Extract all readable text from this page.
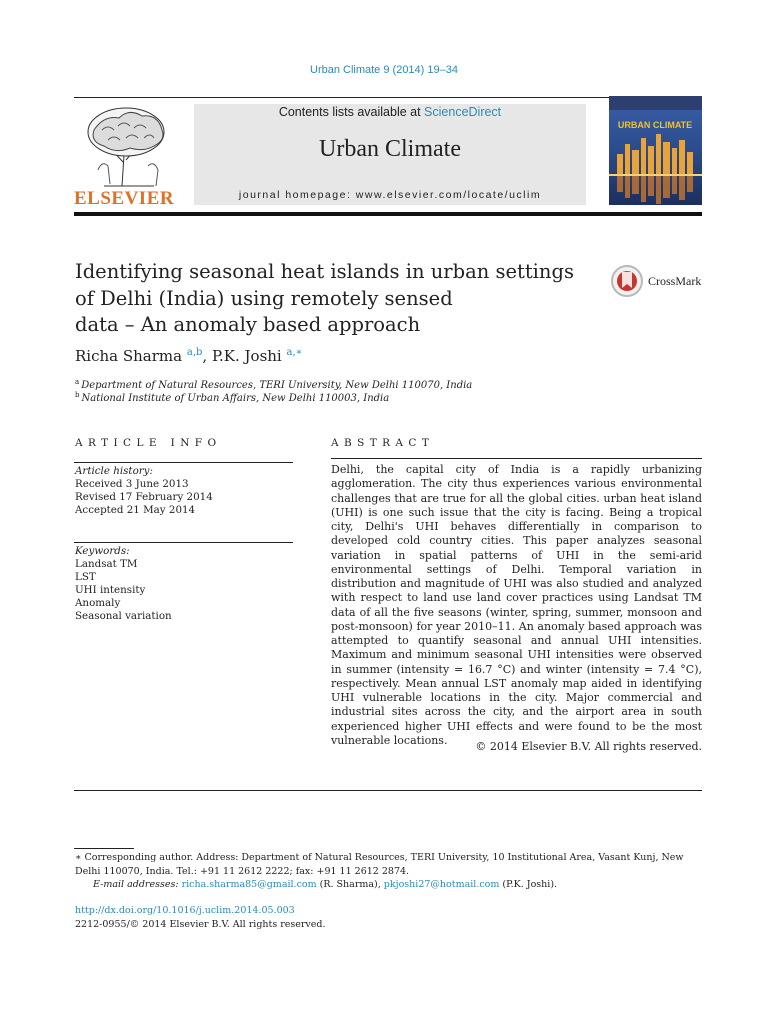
Urban Climate 9 (2014) 19–34
ELSEVIER
Contents lists available at ScienceDirect
Urban Climate
journal homepage: www.elsevier.com/locate/uclim
URBAN CLIMATE
Identifying seasonal heat islands in urban settings
of Delhi (India) using remotely sensed
data – An anomaly based approach
CrossMark
Richa Sharma $^{a,b}$, P.K. Joshi $^{a,∗}$
$^a$ Department of Natural Resources, TERI University, New Delhi 110070, India
$^b$ National Institute of Urban Affairs, New Delhi 110003, India
ARTICLE INFO
Article history:
Received 3 June 2013
Revised 17 February 2014
Accepted 21 May 2014
Keywords:
Landsat TM
LST
UHI intensity
Anomaly
Seasonal variation
ABSTRACT
Delhi, the capital city of India is a rapidly urbanizing agglomeration. The city thus experiences various environmental challenges that are true for all the global cities. urban heat island (UHI) is one such issue that the city is facing. Being a tropical city, Delhi's UHI behaves differentially in comparison to developed cold country cities. This paper analyzes seasonal variation in spatial patterns of UHI in the semi-arid environmental settings of Delhi. Temporal variation in distribution and magnitude of UHI was also studied and analyzed with respect to land use land cover practices using Landsat TM data of all the five seasons (winter, spring, summer, monsoon and post-monsoon) for year 2010–11. An anomaly based approach was attempted to quantify seasonal and annual UHI intensities. Maximum and minimum seasonal UHI intensities were observed in summer (intensity = 16.7 °C) and winter (intensity = 7.4 °C), respectively. Mean annual LST anomaly map aided in identifying UHI vulnerable locations in the city. Major commercial and industrial sites across the city, and the airport area in south experienced higher UHI effects and were found to be the most vulnerable locations.	© 2014 Elsevier B.V. All rights reserved.
∗ Corresponding author. Address: Department of Natural Resources, TERI University, 10 Institutional Area, Vasant Kunj, New Delhi 110070, India. Tel.: +91 11 2612 2222; fax: +91 11 2612 2874.
E-mail addresses: richa.sharma85@gmail.com (R. Sharma), pkjoshi27@hotmail.com (P.K. Joshi).
http://dx.doi.org/10.1016/j.uclim.2014.05.003
2212-0955/© 2014 Elsevier B.V. All rights reserved.
